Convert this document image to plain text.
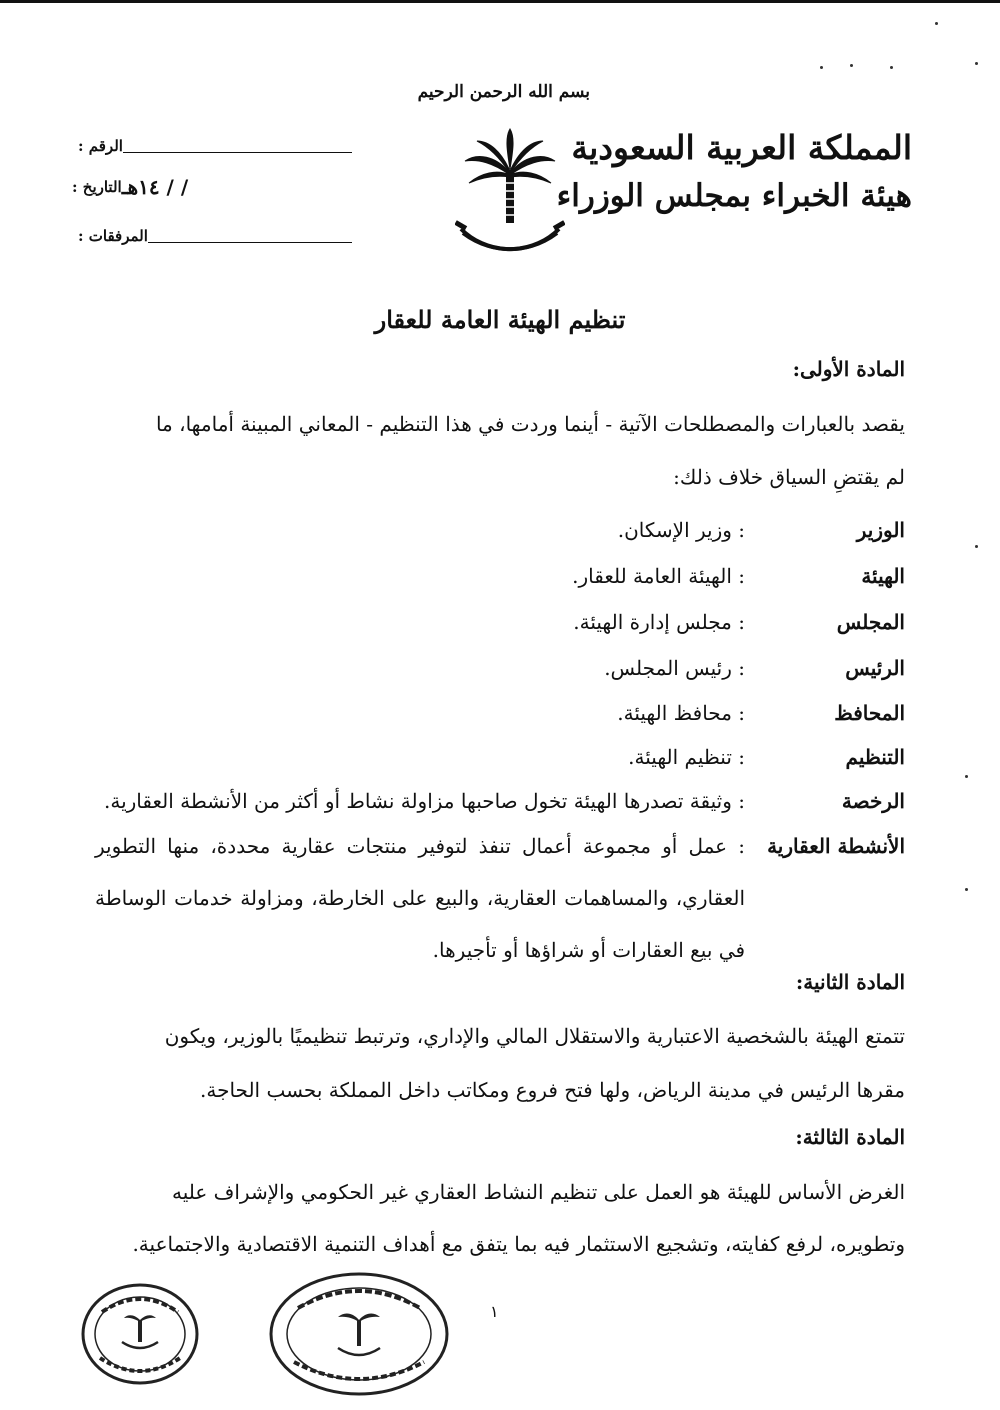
بسم الله الرحمن الرحيم
المملكة العربية السعودية
هيئة الخبراء بمجلس الوزراء
الرقم :
التاريخ : / / ١٤هـ
المرفقات :
تنظيم الهيئة العامة للعقار
المادة الأولى:
يقصد بالعبارات والمصطلحات الآتية - أينما وردت في هذا التنظيم - المعاني المبينة أمامها، ما
لم يقتضِ السياق خلاف ذلك:
الوزير
: وزير الإسكان.
الهيئة
: الهيئة العامة للعقار.
المجلس
: مجلس إدارة الهيئة.
الرئيس
: رئيس المجلس.
المحافظ
: محافظ الهيئة.
التنظيم
: تنظيم الهيئة.
الرخصة
: وثيقة تصدرها الهيئة تخول صاحبها مزاولة نشاط أو أكثر من الأنشطة العقارية.
الأنشطة العقارية
: عمل أو مجموعة أعمال تنفذ لتوفير منتجات عقارية محددة، منها التطوير العقاري، والمساهمات العقارية، والبيع على الخارطة، ومزاولة خدمات الوساطة في بيع العقارات أو شراؤها أو تأجيرها.
المادة الثانية:
تتمتع الهيئة بالشخصية الاعتبارية والاستقلال المالي والإداري، وترتبط تنظيميًا بالوزير، ويكون
مقرها الرئيس في مدينة الرياض، ولها فتح فروع ومكاتب داخل المملكة بحسب الحاجة.
المادة الثالثة:
الغرض الأساس للهيئة هو العمل على تنظيم النشاط العقاري غير الحكومي والإشراف عليه
وتطويره، لرفع كفايته، وتشجيع الاستثمار فيه بما يتفق مع أهداف التنمية الاقتصادية والاجتماعية.
١
